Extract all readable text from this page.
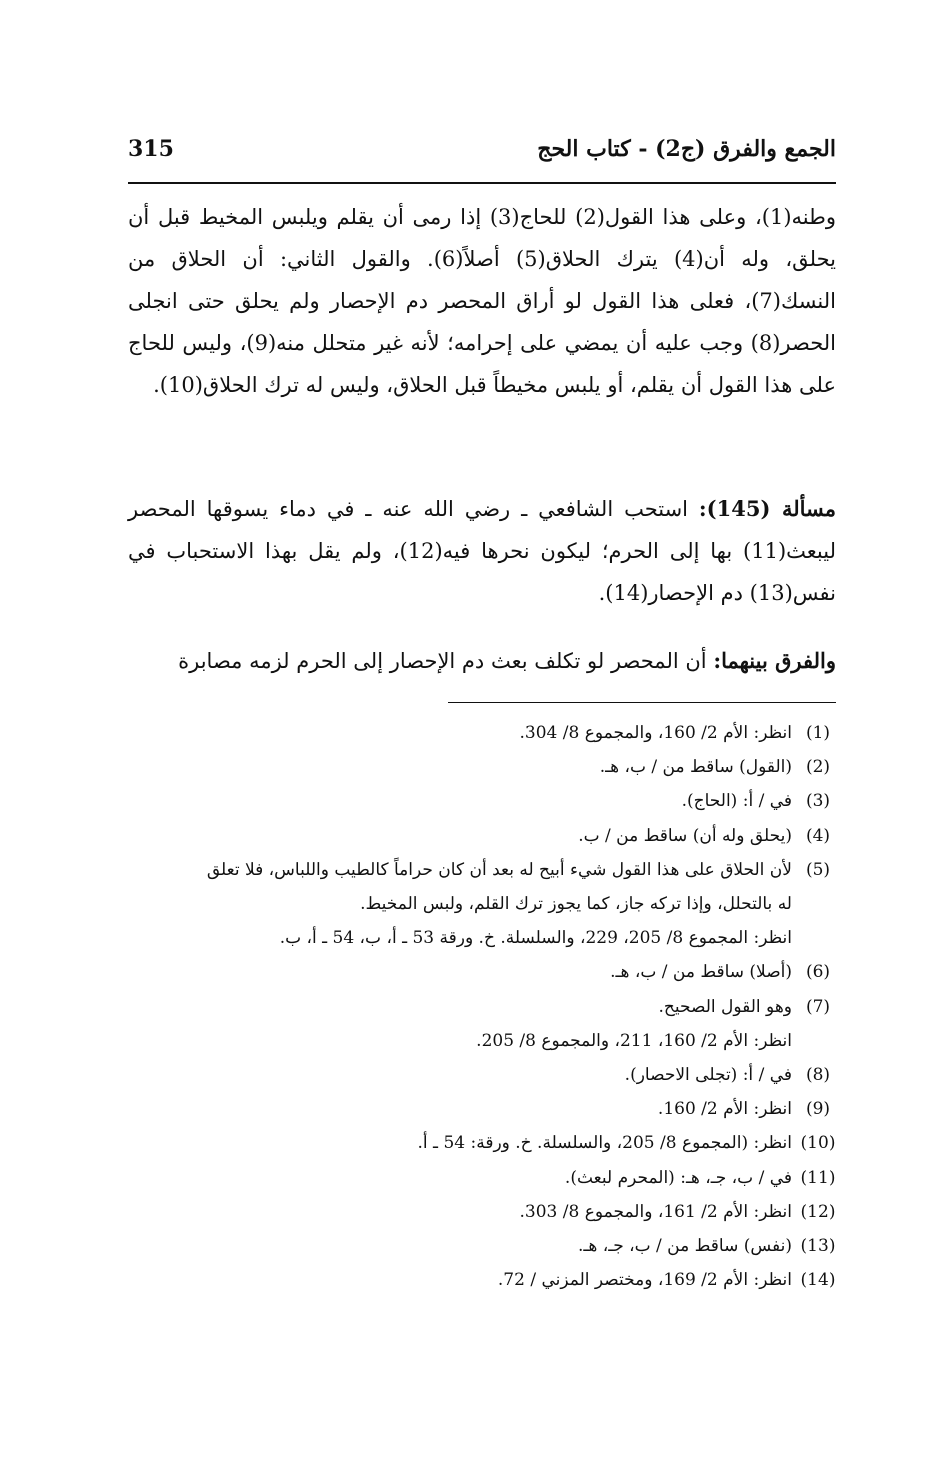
الجمع والفرق (ج2) - كتاب الحج
315
وطنه(1)، وعلى هذا القول(2) للحاج(3) إذا رمى أن يقلم ويلبس المخيط قبل أن يحلق، وله أن(4) يترك الحلاق(5) أصلاً(6). والقول الثاني: أن الحلاق من النسك(7)، فعلى هذا القول لو أراق المحصر دم الإحصار ولم يحلق حتى انجلى الحصر(8) وجب عليه أن يمضي على إحرامه؛ لأنه غير متحلل منه(9)، وليس للحاج على هذا القول أن يقلم، أو يلبس مخيطاً قبل الحلاق، وليس له ترك الحلاق(10).
مسألة (145): استحب الشافعي ـ رضي الله عنه ـ في دماء يسوقها المحصر ليبعث(11) بها إلى الحرم؛ ليكون نحرها فيه(12)، ولم يقل بهذا الاستحباب في نفس(13) دم الإحصار(14).
والفرق بينهما: أن المحصر لو تكلف بعث دم الإحصار إلى الحرم لزمه مصابرة
(1)
انظر: الأم 2/ 160، والمجموع 8/ 304.
(2)
(القول) ساقط من / ب، هـ.
(3)
في / أ: (الحاج).
(4)
(يحلق وله أن) ساقط من / ب.
(5)
لأن الحلاق على هذا القول شيء أبيح له بعد أن كان حراماً كالطيب واللباس، فلا تعلق
له بالتحلل، وإذا تركه جاز، كما يجوز ترك القلم، ولبس المخيط.
انظر: المجموع 8/ 205، 229، والسلسلة. خ. ورقة 53 ـ أ، ب، 54 ـ أ، ب.
(6)
(أصلا) ساقط من / ب، هـ.
(7)
وهو القول الصحيح.
انظر: الأم 2/ 160، 211، والمجموع 8/ 205.
(8)
في / أ: (تجلى الاحصار).
(9)
انظر: الأم 2/ 160.
(10)
انظر: (المجموع 8/ 205، والسلسلة. خ. ورقة: 54 ـ أ.
(11)
في / ب، جـ، هـ: (المحرم لبعث).
(12)
انظر: الأم 2/ 161، والمجموع 8/ 303.
(13)
(نفس) ساقط من / ب، جـ، هـ.
(14)
انظر: الأم 2/ 169، ومختصر المزني / 72.
